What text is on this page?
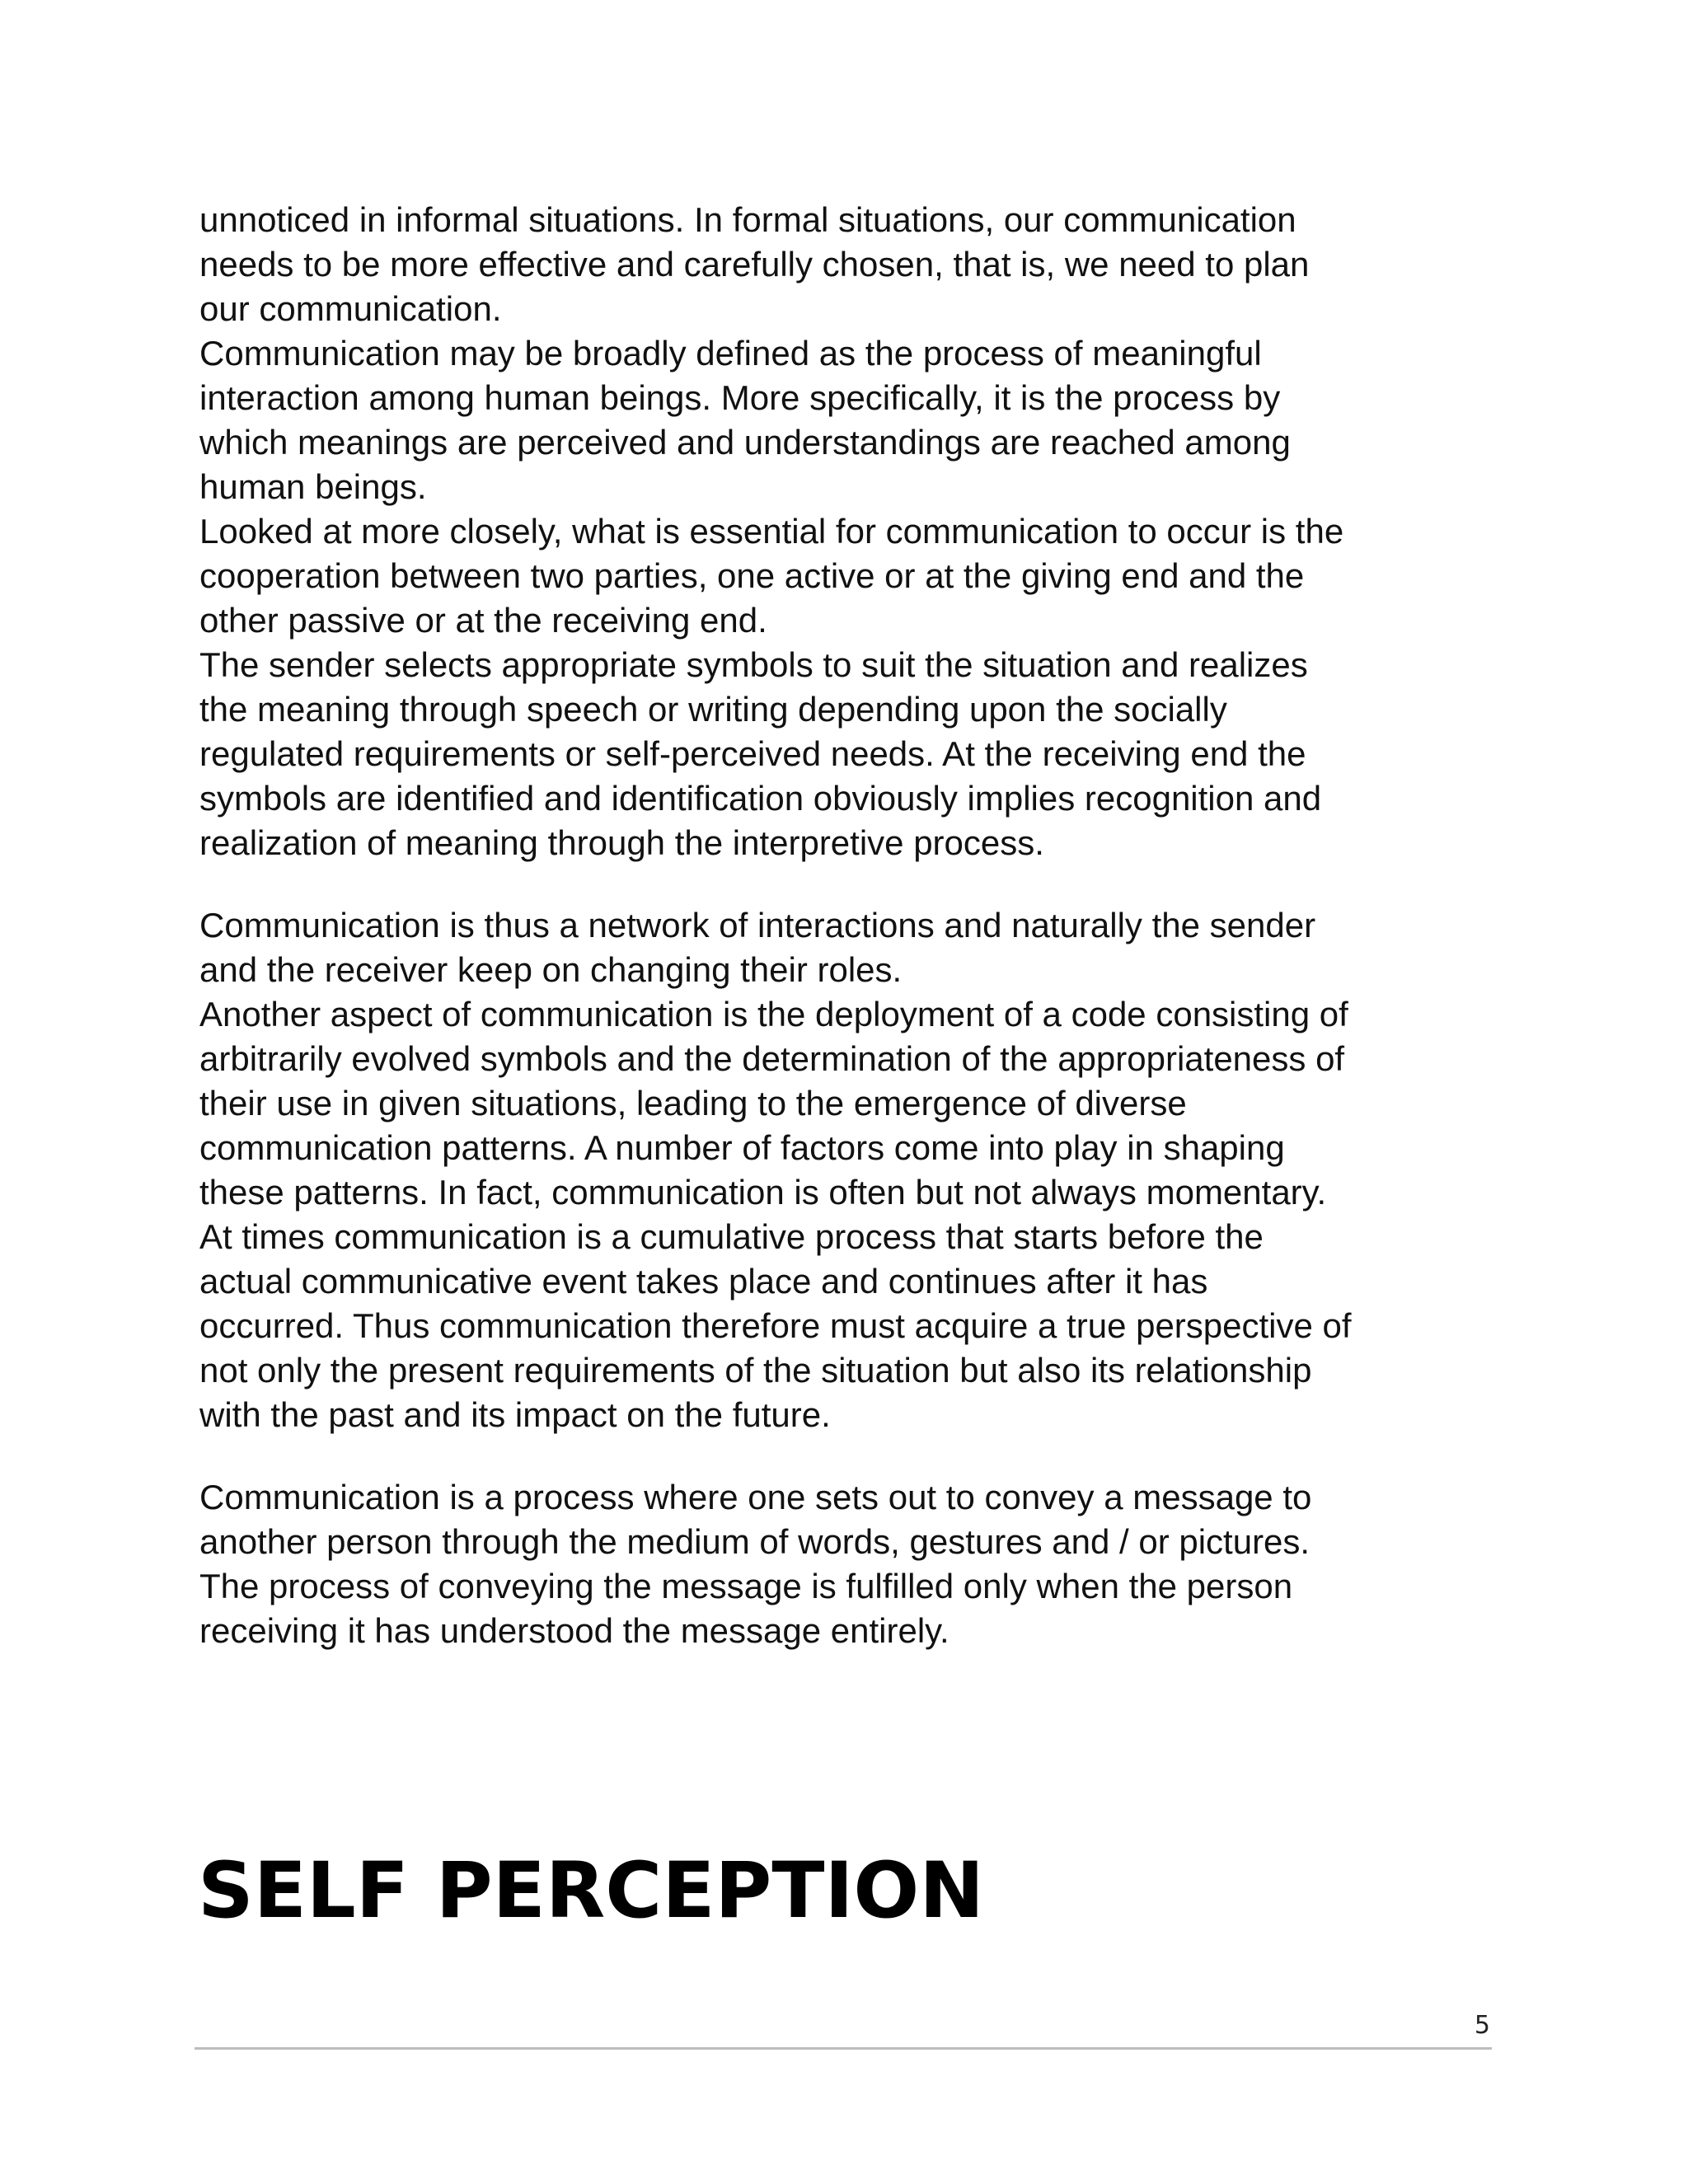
unnoticed in informal situations. In formal situations, our communication
needs to be more effective and carefully chosen, that is, we need to plan
our communication.

Communication may be broadly defined as the process of meaningful
interaction among human beings. More specifically, it is the process by
which meanings are perceived and understandings are reached among
human beings.

Looked at more closely, what is essential for communication to occur is the
cooperation between two parties, one active or at the giving end and the
other passive or at the receiving end.

The sender selects appropriate symbols to suit the situation and realizes
the meaning through speech or writing depending upon the socially
regulated requirements or self-perceived needs. At the receiving end the
symbols are identified and identification obviously implies recognition and
realization of meaning through the interpretive process.

Communication is thus a network of interactions and naturally the sender
and the receiver keep on changing their roles.

Another aspect of communication is the deployment of a code consisting of
arbitrarily evolved symbols and the determination of the appropriateness of
their use in given situations, leading to the emergence of diverse
communication patterns. A number of factors come into play in shaping
these patterns. In fact, communication is often but not always momentary.
At times communication is a cumulative process that starts before the
actual communicative event takes place and continues after it has
occurred. Thus communication therefore must acquire a true perspective of
not only the present requirements of the situation but also its relationship
with the past and its impact on the future.

Communication is a process where one sets out to convey a message to
another person through the medium of words, gestures and / or pictures.
The process of conveying the message is fulfilled only when the person
receiving it has understood the message entirely.

SELF PERCEPTION
5
